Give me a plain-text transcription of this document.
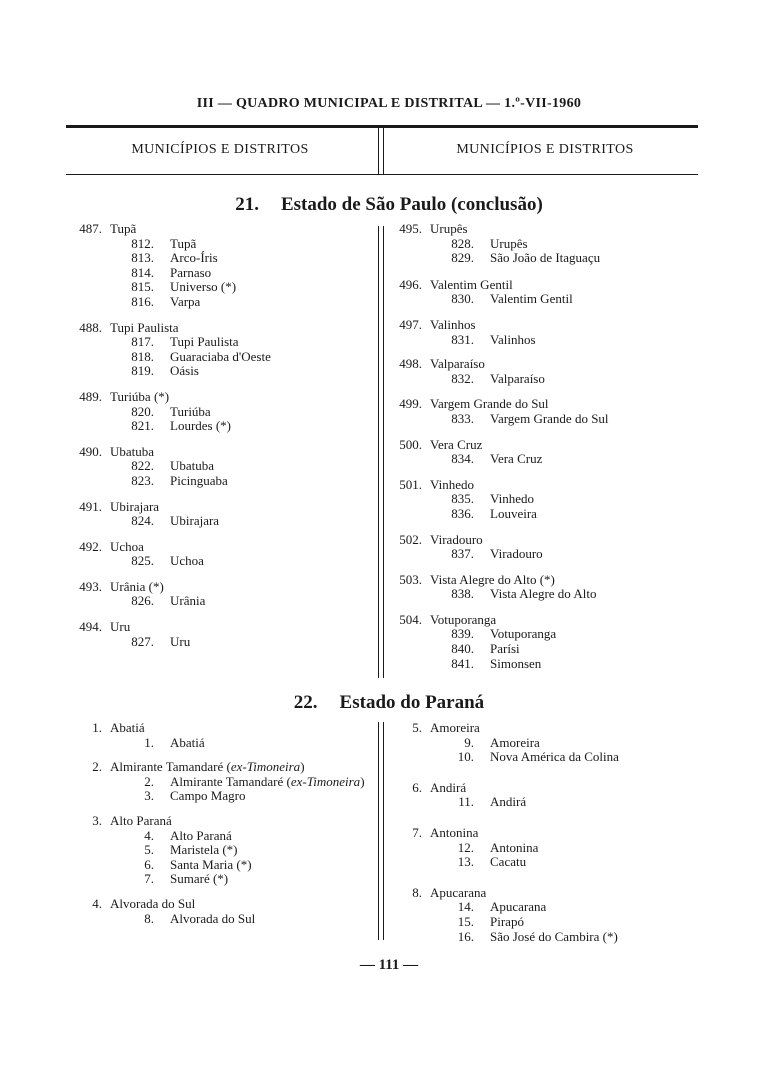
III — QUADRO MUNICIPAL E DISTRITAL — 1.º-VII-1960
MUNICÍPIOS E DISTRITOS	MUNICÍPIOS E DISTRITOS
21. Estado de São Paulo (conclusão)
487. Tupã
812. Tupã
813. Arco-Íris
814. Parnaso
815. Universo (*)
816. Varpa
488. Tupi Paulista
817. Tupi Paulista
818. Guaraciaba d'Oeste
819. Oásis
489. Turiúba (*)
820. Turiúba
821. Lourdes (*)
490. Ubatuba
822. Ubatuba
823. Picinguaba
491. Ubirajara
824. Ubirajara
492. Uchoa
825. Uchoa
493. Urânia (*)
826. Urânia
494. Uru
827. Uru
495. Urupês
828. Urupês
829. São João de Itaguaçu
496. Valentim Gentil
830. Valentim Gentil
497. Valinhos
831. Valinhos
498. Valparaíso
832. Valparaíso
499. Vargem Grande do Sul
833. Vargem Grande do Sul
500. Vera Cruz
834. Vera Cruz
501. Vinhedo
835. Vinhedo
836. Louveira
502. Viradouro
837. Viradouro
503. Vista Alegre do Alto (*)
838. Vista Alegre do Alto
504. Votuporanga
839. Votuporanga
840. Parísi
841. Simonsen
22. Estado do Paraná
1. Abatiá
1. Abatiá
2. Almirante Tamandaré (ex-Timoneira)
2. Almirante Tamandaré (ex-Timoneira)
3. Campo Magro
3. Alto Paraná
4. Alto Paraná
5. Maristela (*)
6. Santa Maria (*)
7. Sumaré (*)
4. Alvorada do Sul
8. Alvorada do Sul
5. Amoreira
9. Amoreira
10. Nova América da Colina
6. Andirá
11. Andirá
7. Antonina
12. Antonina
13. Cacatu
8. Apucarana
14. Apucarana
15. Pirapó
16. São José do Cambira (*)
— 111 —
